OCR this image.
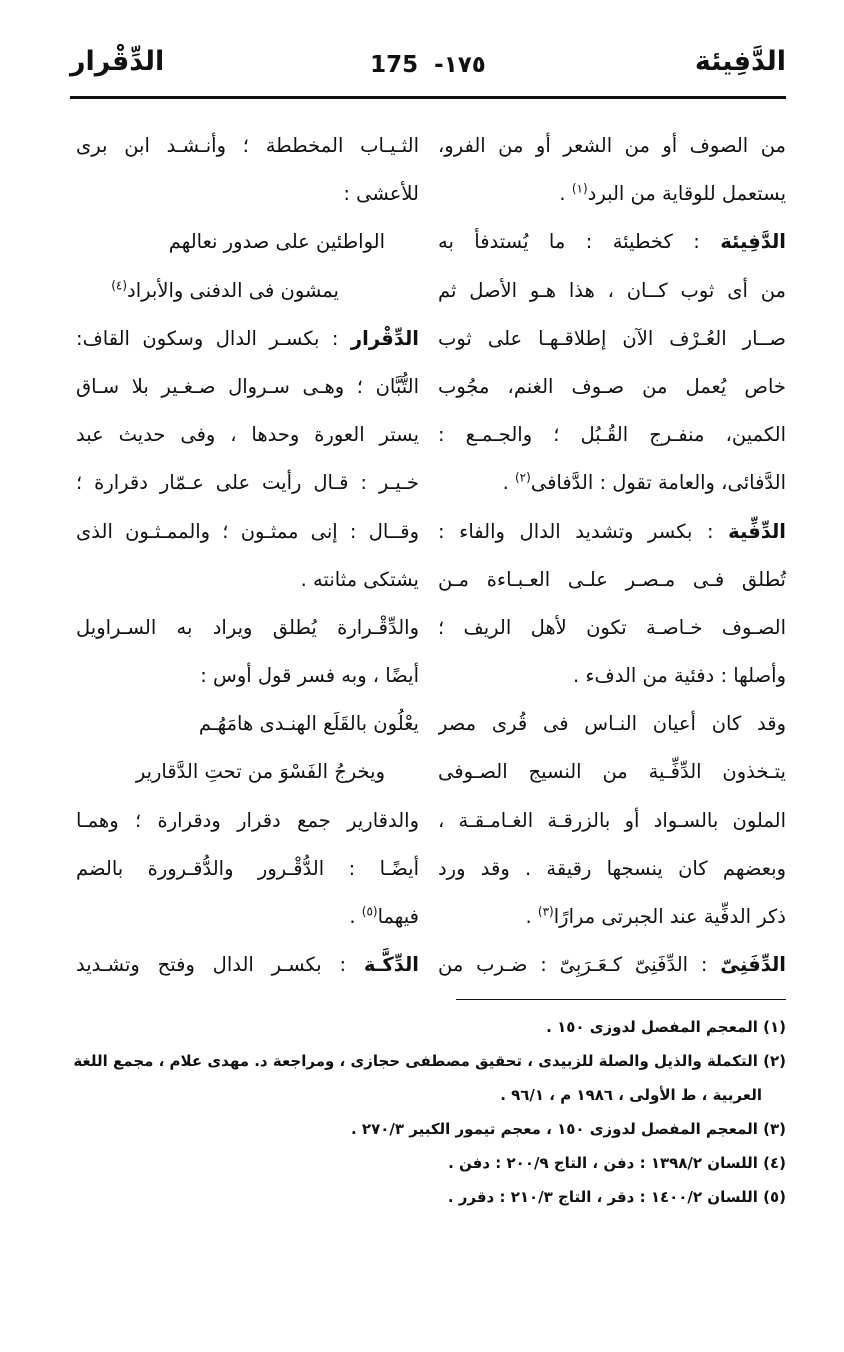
الدَّفِيئة
175 -١٧٥
الدِّقْرار
من الصوف أو من الشعر أو من الفرو،
يستعمل للوقاية من البرد$^{(١)}$ .
الدَّفِيئة : كخطيئة : ما يُستدفأ به
من أى ثوب كــان ، هذا هـو الأصل ثم
صــار العُـرْف الآن إطلاقـهـا على ثوب
خاص يُعمل من صـوف الغنم، مجُوب
الكمين، منفـرج القُـبُل ؛ والجـمـع :
الدَّفائى، والعامة تقول : الدَّفافى$^{(٢)}$ .
الدِّفِّية : بكسر وتشديد الدال والفاء :
تُطلق فـى مـصـر علـى العـبـاءة مـن
الصـوف خـاصـة تكون لأهل الريف ؛
وأصلها : دفئية من الدفء .
وقد كان أعيان النـاس فى قُرى مصر
يتـخذون الدِّفِّـية من النسيج الصـوفى
الملون بالسـواد أو بالزرقـة الغـامـقـة ،
وبعضهم كان ينسجها رقيقة . وقد ورد
ذكر الدفِّية عند الجبرتى مرارًا$^{(٣)}$ .
الدِّفَنِىّ : الدِّفَنِىّ كـعَـرَبِىّ : ضـرب من
الثـيـاب المخططة ؛ وأنـشـد ابن برى
للأعشى :
الواطئين على صدور نعالهم
يمشون فى الدفنى والأبراد$^{(٤)}$
الدِّقْرار : بكسـر الدال وسكون القاف:
التُّبَّان ؛ وهـى سـروال صـغـير بلا سـاق
يستر العورة وحدها ، وفى حديث عبد
خـيـر : قـال رأيت على عـمّار دقرارة ؛
وقــال : إنى ممثـون ؛ والممـثـون الذى
يشتكى مثانته .
والدِّقْـرارة يُطلق ويراد به السـراويل
أيضًا ، وبه فسر قول أوس :
يعْلُون بالقَلَع الهنـدى هامَهُـم
ويخرجُ الفَسْوَ من تحتِ الدَّقارير
والدقارير جمع دقرار ودقرارة ؛ وهمـا
أيضًـا : الدُّقْـرور والدُّقـرورة بالضم
فيهما$^{(٥)}$ .
الدِّكَّـة : بكسـر الدال وفتح وتشـديد
(١) المعجم المفصل لدوزى ١٥٠ .
(٢) التكملة والذيل والصلة للزبيدى ، تحقيق مصطفى حجازى ، ومراجعة د. مهدى علام ، مجمع اللغة
العربية ، ط الأولى ، ١٩٨٦ م ، ٩٦/١ .
(٣) المعجم المفصل لدوزى ١٥٠ ، معجم تيمور الكبير ٢٧٠/٣ .
(٤) اللسان ١٣٩٨/٢ : دفن ، التاج ٢٠٠/٩ : دفن .
(٥) اللسان ١٤٠٠/٢ : دقر ، التاج ٢١٠/٣ : دقرر .
